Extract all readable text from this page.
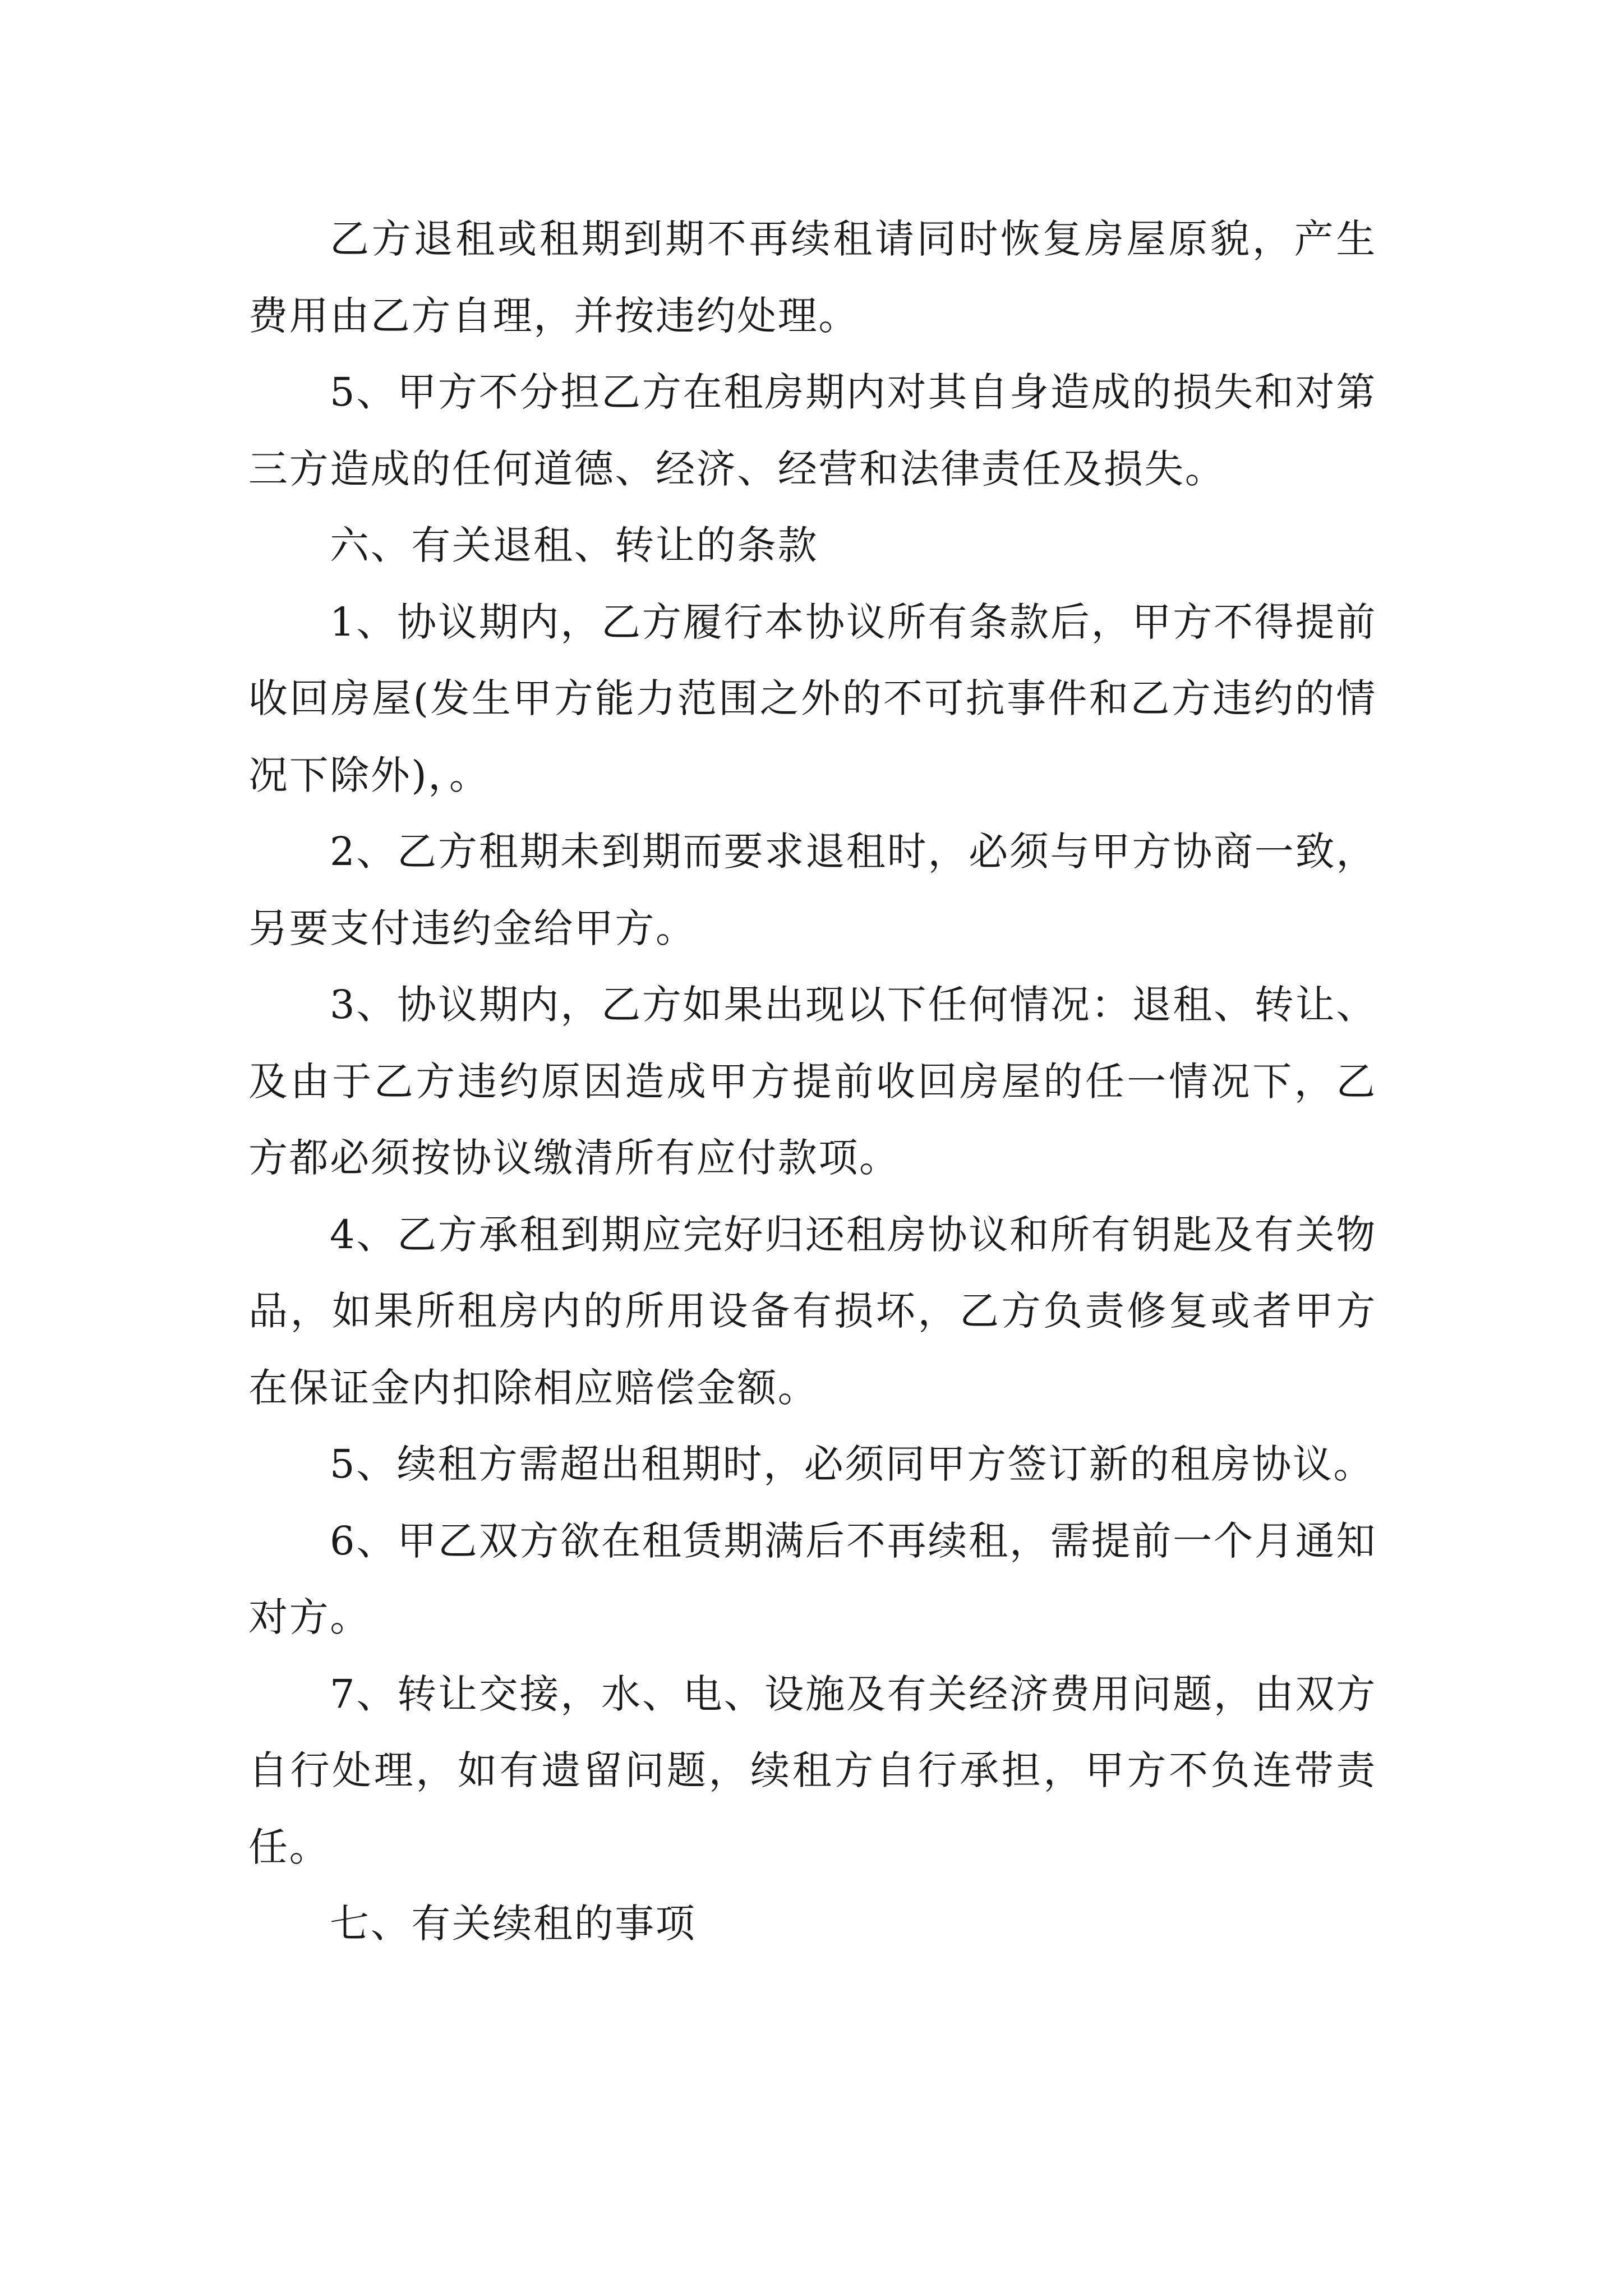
乙方退租或租期到期不再续租请同时恢复房屋原貌，产生费用由乙方自理，并按违约处理。

5、甲方不分担乙方在租房期内对其自身造成的损失和对第三方造成的任何道德、经济、经营和法律责任及损失。

六、有关退租、转让的条款

1、协议期内，乙方履行本协议所有条款后，甲方不得提前收回房屋(发生甲方能力范围之外的不可抗事件和乙方违约的情况下除外)，。

2、乙方租期未到期而要求退租时，必须与甲方协商一致，另要支付违约金给甲方。

3、协议期内，乙方如果出现以下任何情况：退租、转让、及由于乙方违约原因造成甲方提前收回房屋的任一情况下，乙方都必须按协议缴清所有应付款项。

4、乙方承租到期应完好归还租房协议和所有钥匙及有关物品，如果所租房内的所用设备有损坏，乙方负责修复或者甲方在保证金内扣除相应赔偿金额。

5、续租方需超出租期时，必须同甲方签订新的租房协议。

6、甲乙双方欲在租赁期满后不再续租，需提前一个月通知对方。

7、转让交接，水、电、设施及有关经济费用问题，由双方自行处理，如有遗留问题，续租方自行承担，甲方不负连带责任。

七、有关续租的事项
